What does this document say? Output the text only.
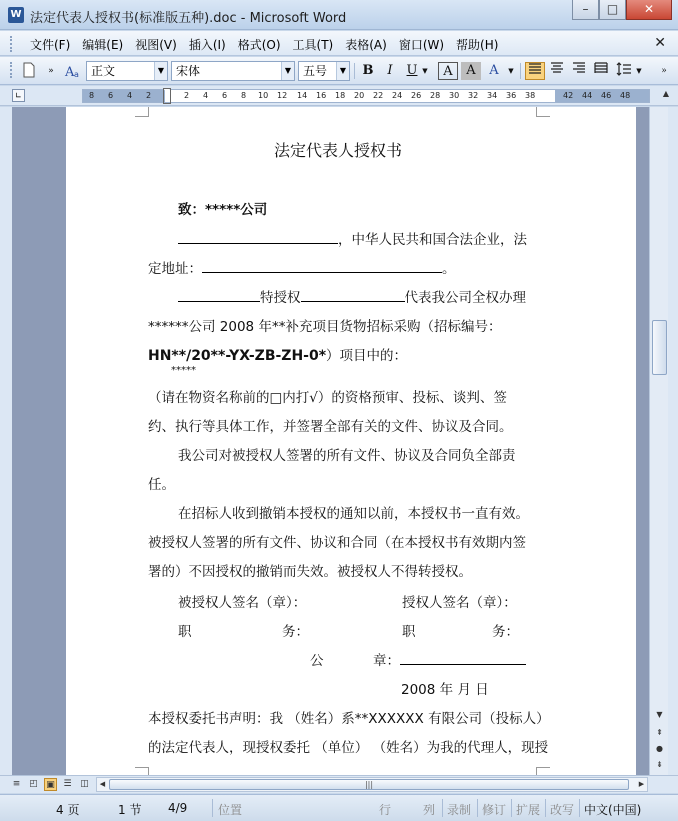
W 法定代表人授权书(标准版五种).doc - Microsoft Word
–	□	✕
文件(F)	编辑(E)	视图(V)	插入(I)	格式(O)	工具(T)	表格(A)	窗口(W)	帮助(H)	✕
» A a	正文	▼ 宋体	▼ 五号	▼	B	I	U ▼	A	A	A	▼	▼	»
∟	8 6 4 2	2 4 6 8 10 12 14 16 18 20 22 24 26 28 30 32 34 36 38	42 44 46 48	▲
法定代表人授权书
致：*****公司
，中华人民共和国合法企业，法
定地址：	。
特授权	代表我公司全权办理
******公司 2008 年**补充项目货物招标采购（招标编号：
HN**/20**-YX-ZB-ZH-0*）项目中的：
*****
（请在物资名称前的□内打√）的资格预审、投标、谈判、签
约、执行等具体工作，并签署全部有关的文件、协议及合同。
我公司对被授权人签署的所有文件、协议及合同负全部责
任。
在招标人收到撤销本授权的通知以前，本授权书一直有效。
被授权人签署的所有文件、协议和合同（在本授权书有效期内签
署的）不因授权的撤销而失效。被授权人不得转授权。
被授权人签名（章）：	授权人签名（章）：
职	务：	职	务：
公	章：
2008 年 月 日
本授权委托书声明：我 （姓名）系**XXXXXX 有限公司（投标人）
的法定代表人，现授权委托 （单位） （姓名）为我的代理人，现授
▼
⇞
●
⇟
≡ ◰ ▣ ☰ ◫	◀	|||	▶
4 页	1 节 4/9	位置	行	列 录制 修订 扩展 改写 中文(中国)
